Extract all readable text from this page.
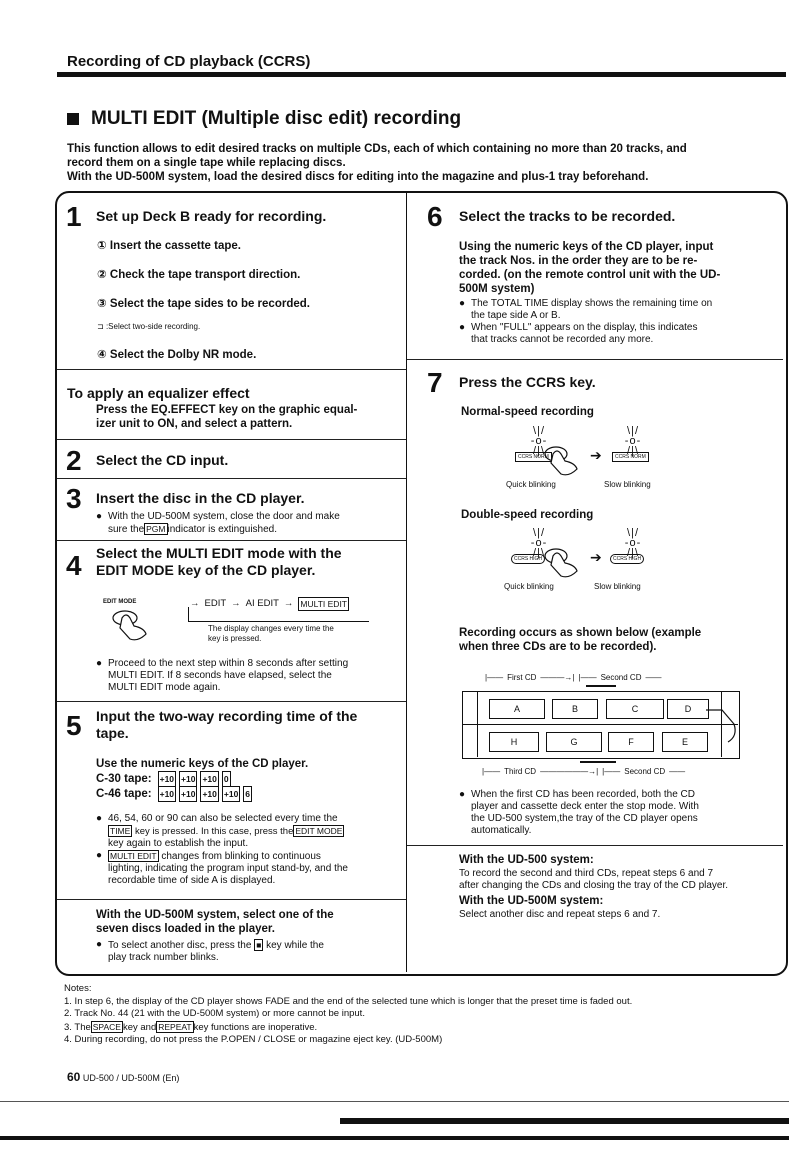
Recording of CD playback (CCRS)
MULTI EDIT (Multiple disc edit) recording
This function allows to edit desired tracks on multiple CDs, each of which containing no more than 20 tracks, and
record them on a single tape while replacing discs.
With the UD-500M system, load the desired discs for editing into the magazine and plus-1 tray beforehand.
1 Set up Deck B ready for recording.
① Insert the cassette tape.
② Check the tape transport direction.
③ Select the tape sides to be recorded.
⊐ :Select two-side recording.
④ Select the Dolby NR mode.
To apply an equalizer effect
Press the EQ.EFFECT key on the graphic equal-
izer unit to ON, and select a pattern.
2 Select the CD input.
3 Insert the disc in the CD player.
● With the UD-500M system, close the door and make
sure the PGM indicator is extinguished.
4 Select the MULTI EDIT mode with the
EDIT MODE key of the CD player.
EDIT MODE	→ EDIT → AI EDIT → MULTI EDIT
The display changes every time the
key is pressed.
● Proceed to the next step within 8 seconds after setting
MULTI EDIT. If 8 seconds have elapsed, select the
MULTI EDIT mode again.
5 Input the two-way recording time of the
tape.
Use the numeric keys of the CD player.
C-30 tape: +10 +10 +10 0
C-46 tape: +10 +10 +10 +10 6
● 46, 54, 60 or 90 can also be selected every time the
TIME key is pressed. In this case, press the EDIT MODE
key again to establish the input.
● MULTI EDIT changes from blinking to continuous
lighting, indicating the program input stand-by, and the
recordable time of side A is displayed.
With the UD-500M system, select one of the
seven discs loaded in the player.
● To select another disc, press the ■ key while the
play track number blinks.
6 Select the tracks to be recorded.
Using the numeric keys of the CD player, input
the track Nos. in the order they are to be re-
corded. (on the remote control unit with the UD-
500M system)
● The TOTAL TIME display shows the remaining time on
the tape side A or B.
● When "FULL" appears on the display, this indicates
that tracks cannot be recorded any more.
7 Press the CCRS key.
Normal-speed recording
\ | /
- o -
/ | \
\ | /
- o -
/ | \
CCRS NORM	➔	CCRS NORM
Quick blinking	Slow blinking
Double-speed recording
\ | /
- o -
/ | \
\ | /
- o -
/ | \
CCRS HIGH	➔	CCRS HIGH
Quick blinking	Slow blinking
Recording occurs as shown below (example
when three CDs are to be recorded).
|—— First CD ———→| |—— Second CD ——
A	B	C	D
H	G	F	E
|—— Third CD ——————→| |—— Second CD ——
● When the first CD has been recorded, both the CD
player and cassette deck enter the stop mode. With
the UD-500 system,the tray of the CD player opens
automatically.
With the UD-500 system:
To record the second and third CDs, repeat steps 6 and 7
after changing the CDs and closing the tray of the CD player.
With the UD-500M system:
Select another disc and repeat steps 6 and 7.
Notes:
1. In step 6, the display of the CD player shows FADE and the end of the selected tune which is longer that the preset time is faded out.
2. Track No. 44 (21 with the UD-500M system) or more cannot be input.
3. The SPACE key and REPEAT key functions are inoperative.
4. During recording, do not press the P.OPEN / CLOSE or magazine eject key. (UD-500M)
60 UD-500 / UD-500M (En)
